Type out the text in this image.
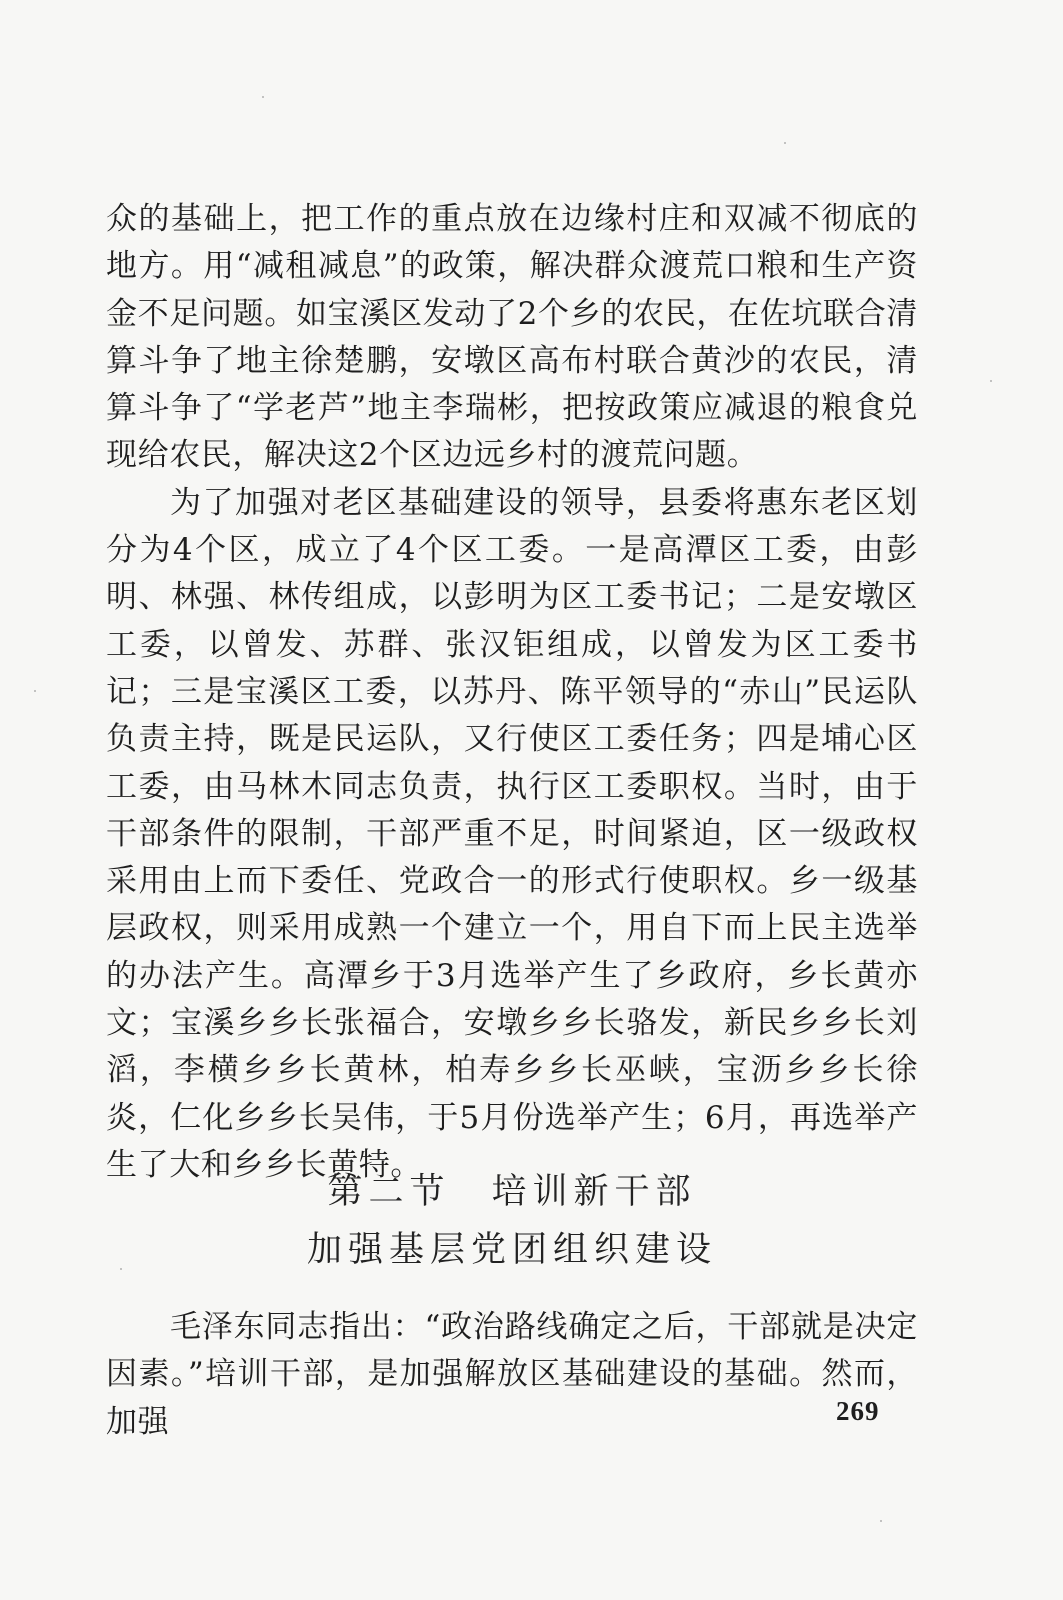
众的基础上，把工作的重点放在边缘村庄和双减不彻底的地方。用“减租减息”的政策，解决群众渡荒口粮和生产资金不足问题。如宝溪区发动了2个乡的农民，在佐坑联合清算斗争了地主徐楚鹏，安墩区高布村联合黄沙的农民，清算斗争了“学老芦”地主李瑞彬，把按政策应减退的粮食兑现给农民，解决这2个区边远乡村的渡荒问题。

为了加强对老区基础建设的领导，县委将惠东老区划分为4个区，成立了4个区工委。一是高潭区工委，由彭明、林强、林传组成，以彭明为区工委书记；二是安墩区工委，以曾发、苏群、张汉钜组成，以曾发为区工委书记；三是宝溪区工委，以苏丹、陈平领导的“赤山”民运队负责主持，既是民运队，又行使区工委任务；四是埔心区工委，由马林木同志负责，执行区工委职权。当时，由于干部条件的限制，干部严重不足，时间紧迫，区一级政权采用由上而下委任、党政合一的形式行使职权。乡一级基层政权，则采用成熟一个建立一个，用自下而上民主选举的办法产生。高潭乡于3月选举产生了乡政府，乡长黄亦文；宝溪乡乡长张福合，安墩乡乡长骆发，新民乡乡长刘滔，李横乡乡长黄林，柏寿乡乡长巫峡，宝沥乡乡长徐炎，仁化乡乡长吴伟，于5月份选举产生；6月，再选举产生了大和乡乡长黄特。

第二节　培训新干部
加强基层党团组织建设

毛泽东同志指出：“政治路线确定之后，干部就是决定因素。”培训干部，是加强解放区基础建设的基础。然而，加强	269
